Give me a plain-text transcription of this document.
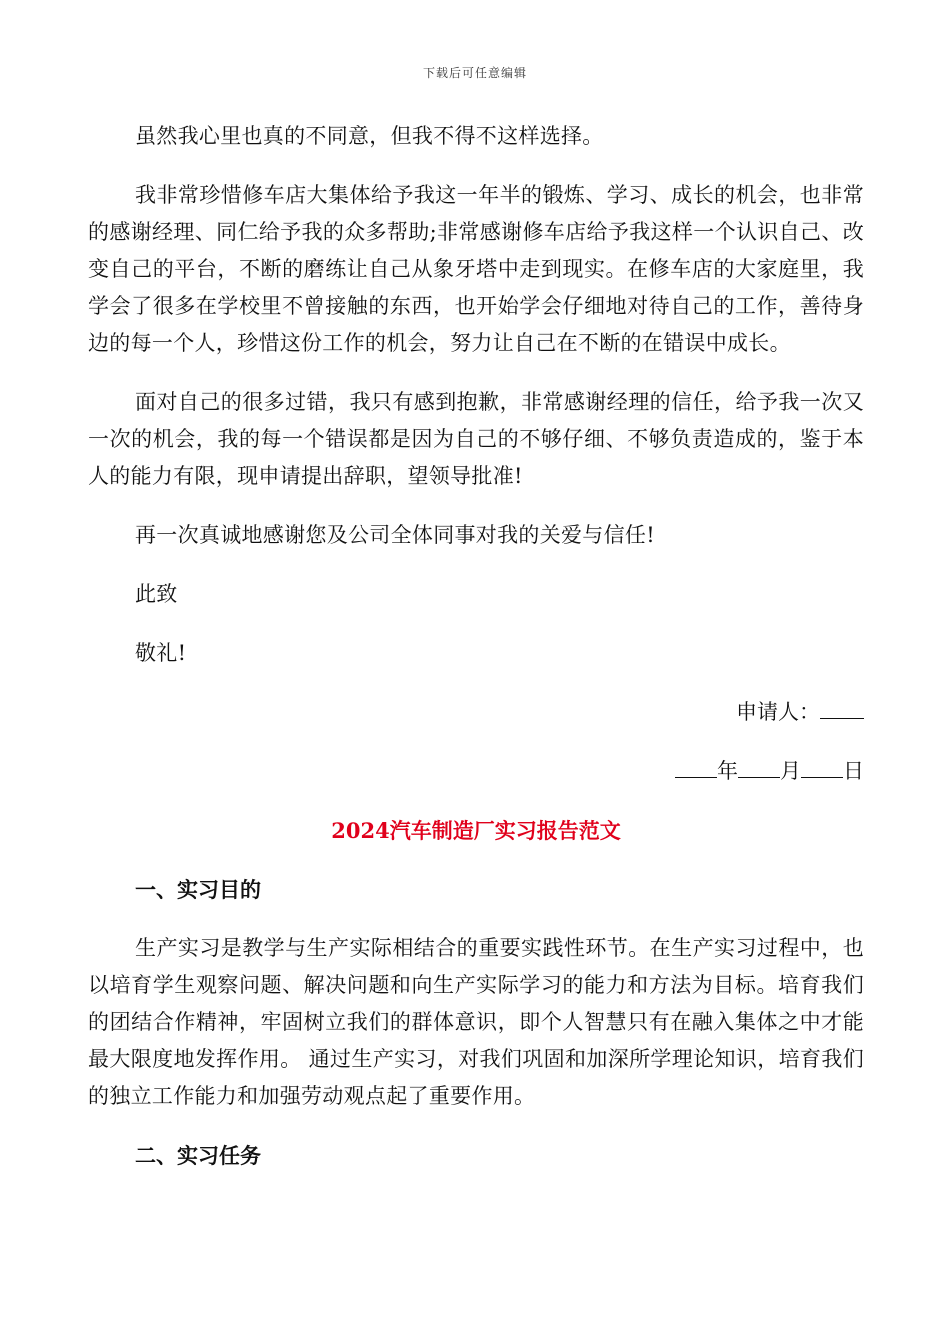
下载后可任意编辑

虽然我心里也真的不同意，但我不得不这样选择。

我非常珍惜修车店大集体给予我这一年半的锻炼、学习、成长的机会，也非常的感谢经理、同仁给予我的众多帮助;非常感谢修车店给予我这样一个认识自己、改变自己的平台，不断的磨练让自己从象牙塔中走到现实。在修车店的大家庭里，我学会了很多在学校里不曾接触的东西，也开始学会仔细地对待自己的工作，善待身边的每一个人，珍惜这份工作的机会，努力让自己在不断的在错误中成长。

面对自己的很多过错，我只有感到抱歉，非常感谢经理的信任，给予我一次又一次的机会，我的每一个错误都是因为自己的不够仔细、不够负责造成的，鉴于本人的能力有限，现申请提出辞职，望领导批准!

再一次真诚地感谢您及公司全体同事对我的关爱与信任!

此致

敬礼!

申请人：

年 月 日

2024汽车制造厂实习报告范文

一、实习目的

生产实习是教学与生产实际相结合的重要实践性环节。在生产实习过程中，也以培育学生观察问题、解决问题和向生产实际学习的能力和方法为目标。培育我们的团结合作精神，牢固树立我们的群体意识，即个人智慧只有在融入集体之中才能最大限度地发挥作用。 通过生产实习，对我们巩固和加深所学理论知识，培育我们的独立工作能力和加强劳动观点起了重要作用。

二、实习任务
